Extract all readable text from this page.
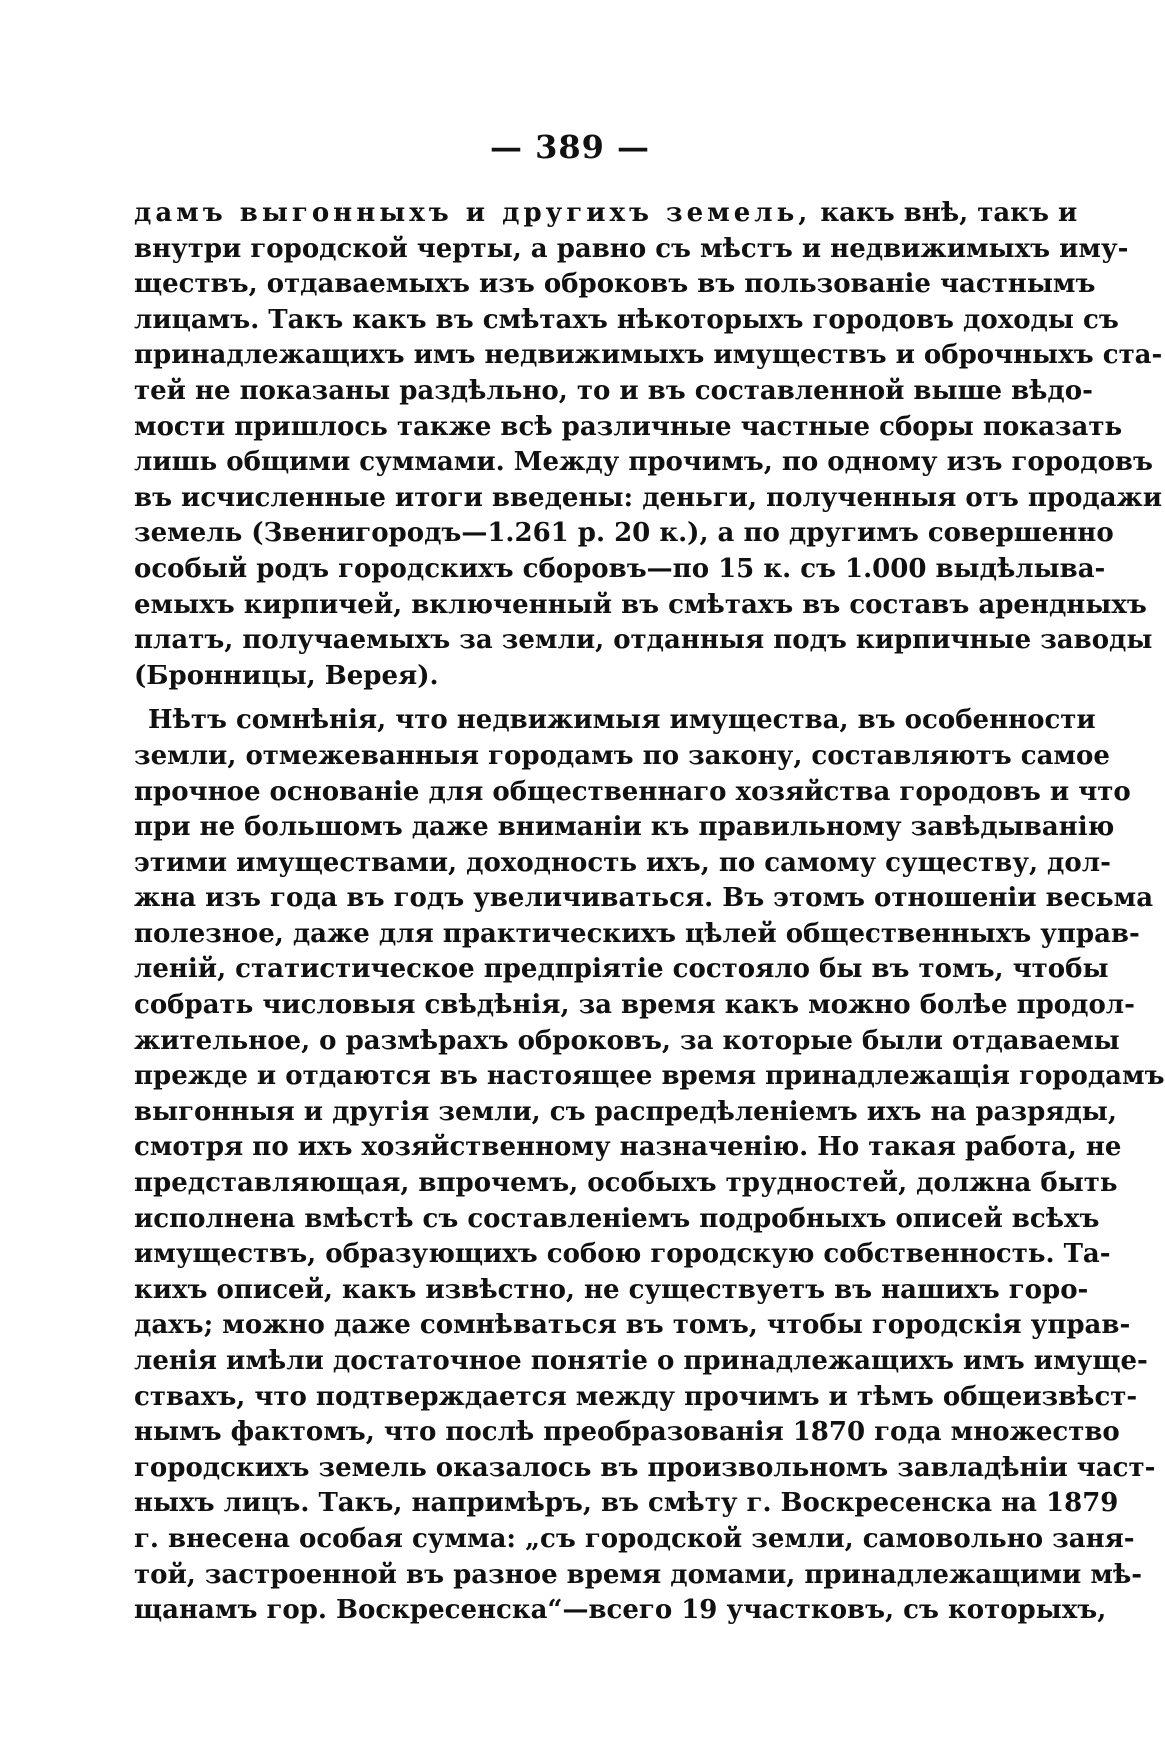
— 389 —
дамъ выгонныхъ и другихъ земель, какъ внѣ, такъ и
внутри городской черты, а равно съ мѣстъ и недвижимыхъ иму-
ществъ, отдаваемыхъ изъ оброковъ въ пользованіе частнымъ
лицамъ. Такъ какъ въ смѣтахъ нѣкоторыхъ городовъ доходы съ
принадлежащихъ имъ недвижимыхъ имуществъ и оброчныхъ ста-
тей не показаны раздѣльно, то и въ составленной выше вѣдо-
мости пришлось также всѣ различные частные сборы показать
лишь общими суммами. Между прочимъ, по одному изъ городовъ
въ исчисленные итоги введены: деньги, полученныя отъ продажи
земель (Звенигородъ—1.261 р. 20 к.), а по другимъ совершенно
особый родъ городскихъ сборовъ—по 15 к. съ 1.000 выдѣлыва-
емыхъ кирпичей, включенный въ смѣтахъ въ составъ арендныхъ
платъ, получаемыхъ за земли, отданныя подъ кирпичные заводы
(Бронницы, Верея).
Нѣтъ сомнѣнія, что недвижимыя имущества, въ особенности
земли, отмежеванныя городамъ по закону, составляютъ самое
прочное основаніе для общественнаго хозяйства городовъ и что
при не большомъ даже вниманіи къ правильному завѣдыванію
этими имуществами, доходность ихъ, по самому существу, дол-
жна изъ года въ годъ увеличиваться. Въ этомъ отношеніи весьма
полезное, даже для практическихъ цѣлей общественныхъ управ-
леній, статистическое предпріятіе состояло бы въ томъ, чтобы
собрать числовыя свѣдѣнія, за время какъ можно болѣе продол-
жительное, о размѣрахъ оброковъ, за которые были отдаваемы
прежде и отдаются въ настоящее время принадлежащія городамъ
выгонныя и другія земли, съ распредѣленіемъ ихъ на разряды,
смотря по ихъ хозяйственному назначенію. Но такая работа, не
представляющая, впрочемъ, особыхъ трудностей, должна быть
исполнена вмѣстѣ съ составленіемъ подробныхъ описей всѣхъ
имуществъ, образующихъ собою городскую собственность. Та-
кихъ описей, какъ извѣстно, не существуетъ въ нашихъ горо-
дахъ; можно даже сомнѣваться въ томъ, чтобы городскія управ-
ленія имѣли достаточное понятіе о принадлежащихъ имъ имуще-
ствахъ, что подтверждается между прочимъ и тѣмъ общеизвѣст-
нымъ фактомъ, что послѣ преобразованія 1870 года множество
городскихъ земель оказалось въ произвольномъ завладѣніи част-
ныхъ лицъ. Такъ, напримѣръ, въ смѣту г. Воскресенска на 1879
г. внесена особая сумма: „съ городской земли, самовольно заня-
той, застроенной въ разное время домами, принадлежащими мѣ-
щанамъ гор. Воскресенска“—всего 19 участковъ, съ которыхъ,
